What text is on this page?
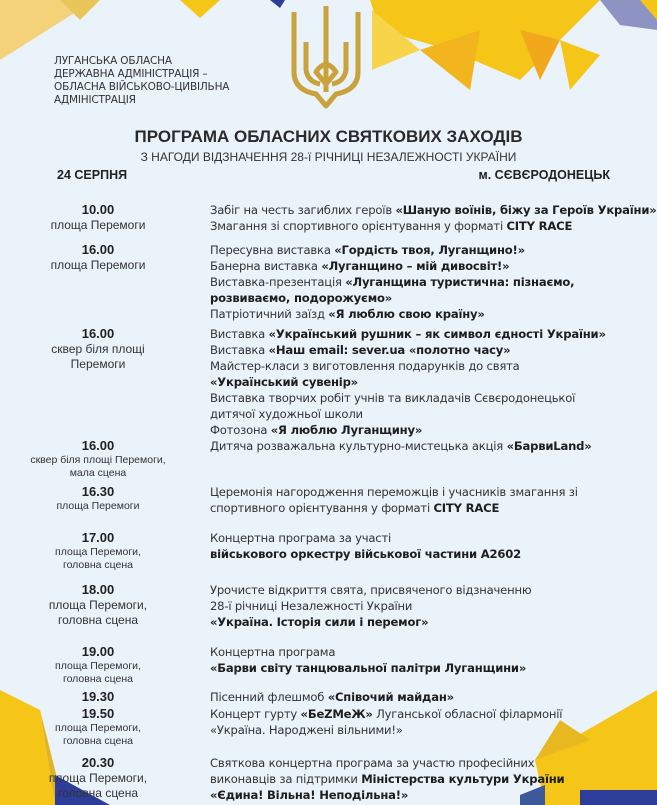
ЛУГАНСЬКА ОБЛАСНА
ДЕРЖАВНА АДМІНІСТРАЦІЯ –
ОБЛАСНА ВІЙСЬКОВО-ЦИВІЛЬНА
АДМІНІСТРАЦІЯ
ПРОГРАМА ОБЛАСНИХ СВЯТКОВИХ ЗАХОДІВ
З НАГОДИ ВІДЗНАЧЕННЯ 28-ї РІЧНИЦІ НЕЗАЛЕЖНОСТІ УКРАЇНИ
24 СЕРПНЯ	м. СЄВЄРОДОНЕЦЬК
10.00
площа Перемоги
Забіг на честь загиблих героїв «Шаную воїнів, біжу за Героїв України»
Змагання зі спортивного орієнтування у форматі CITY RACE
16.00
площа Перемоги
Пересувна виставка «Гордість твоя, Луганщино!»
Банерна виставка «Луганщино – мій дивосвіт!»
Виставка-презентація «Луганщина туристична: пізнаємо,
розвиваємо, подорожуємо»
Патріотичний заїзд «Я люблю свою країну»
16.00
сквер біля площі
Перемоги
Виставка «Український рушник – як символ єдності України»
Виставка «Наш email: sever.ua «полотно часу»
Майстер-класи з виготовлення подарунків до свята
«Український сувенір»
Виставка творчих робіт учнів та викладачів Сєвєродонецької
дитячої художньої школи
Фотозона «Я люблю Луганщину»
16.00
сквер біля площі Перемоги,
мала сцена
Дитяча розважальна культурно-мистецька акція «БарвиLand»
16.30
площа Перемоги
Церемонія нагородження переможців і учасників змагання зі
спортивного орієнтування у форматі CITY RACE
17.00
площа Перемоги,
головна сцена
Концертна програма за участі
військового оркестру військової частини А2602
18.00
площа Перемоги,
головна сцена
Урочисте відкриття свята, присвяченого відзначенню
28-ї річниці Незалежності України
«Україна. Історія сили і перемог»
19.00
площа Перемоги,
головна сцена
Концертна програма
«Барви світу танцювальної палітри Луганщини»
19.30	Пісенний флешмоб «Співочий майдан»
19.50
площа Перемоги,
головна сцена
Концерт гурту «БеZМеЖ» Луганської обласної філармонії
«Україна. Народжені вільними!»
20.30
площа Перемоги,
головна сцена
Святкова концертна програма за участю професійних
виконавців за підтримки Міністерства культури України
«Єдина! Вільна! Неподільна!»
